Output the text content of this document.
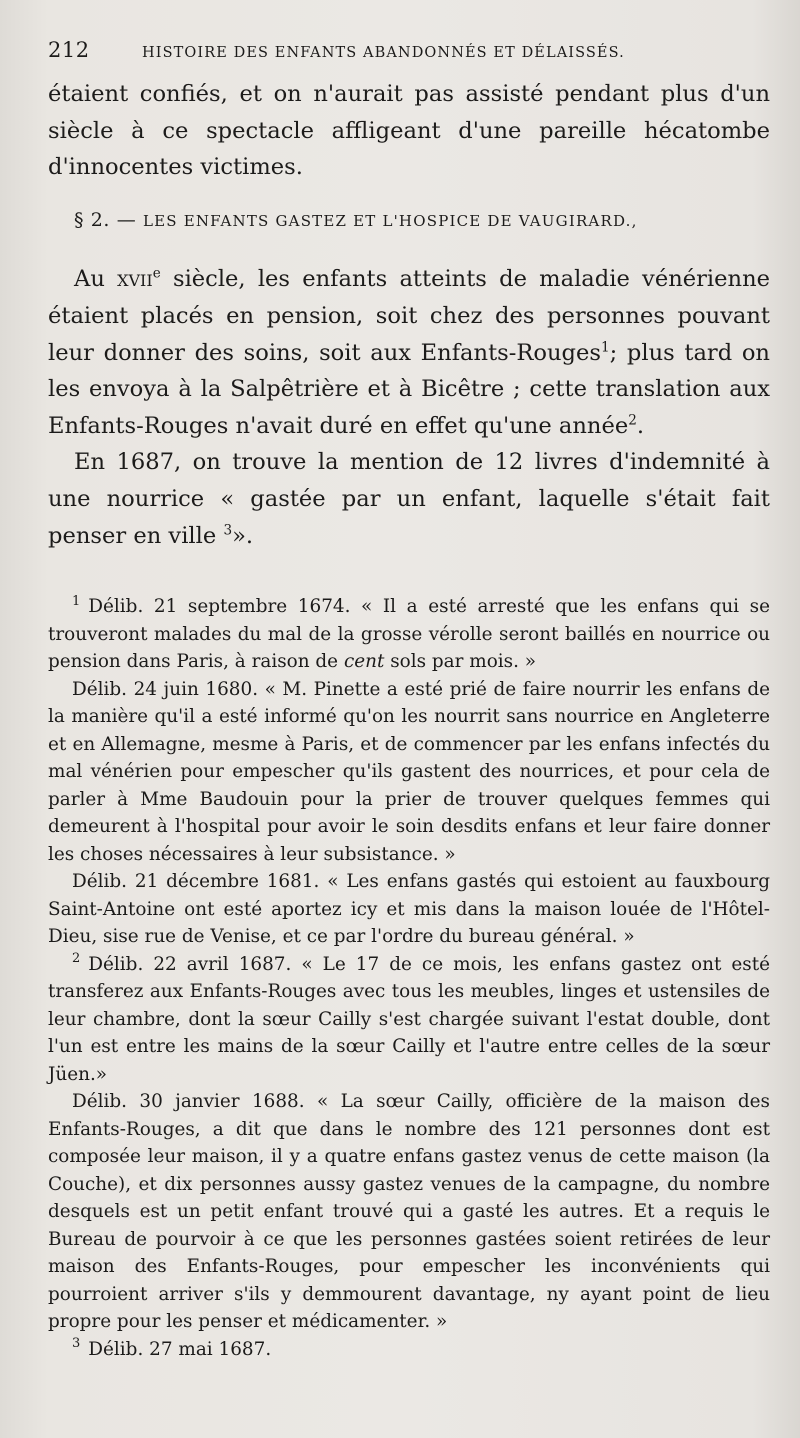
212	HISTOIRE DES ENFANTS ABANDONNÉS ET DÉLAISSÉS.

étaient confiés, et on n'aurait pas assisté pendant plus d'un siècle à ce spectacle affligeant d'une pareille hécatombe d'innocentes victimes.

§ 2. — LES ENFANTS GASTEZ ET L'HOSPICE DE VAUGIRARD.,

Au xvii$^e$ siècle, les enfants atteints de maladie vénérienne étaient placés en pension, soit chez des personnes pouvant leur donner des soins, soit aux Enfants-Rouges$^1$; plus tard on les envoya à la Salpêtrière et à Bicêtre ; cette translation aux Enfants-Rouges n'avait duré en effet qu'une année$^2$.

En 1687, on trouve la mention de 12 livres d'indemnité à une nourrice « gastée par un enfant, laquelle s'était fait penser en ville $^3$».

$^1$ Délib. 21 septembre 1674. « Il a esté arresté que les enfans qui se trouveront malades du mal de la grosse vérolle seront baillés en nourrice ou pension dans Paris, à raison de cent sols par mois. »

Délib. 24 juin 1680. « M. Pinette a esté prié de faire nourrir les enfans de la manière qu'il a esté informé qu'on les nourrit sans nourrice en Angleterre et en Allemagne, mesme à Paris, et de commencer par les enfans infectés du mal vénérien pour empescher qu'ils gastent des nourrices, et pour cela de parler à Mme Baudouin pour la prier de trouver quelques femmes qui demeurent à l'hospital pour avoir le soin desdits enfans et leur faire donner les choses nécessaires à leur subsistance. »

Délib. 21 décembre 1681. « Les enfans gastés qui estoient au fauxbourg Saint-Antoine ont esté aportez icy et mis dans la maison louée de l'Hôtel-Dieu, sise rue de Venise, et ce par l'ordre du bureau général. »

$^2$ Délib. 22 avril 1687. « Le 17 de ce mois, les enfans gastez ont esté transferez aux Enfants-Rouges avec tous les meubles, linges et ustensiles de leur chambre, dont la sœur Cailly s'est chargée suivant l'estat double, dont l'un est entre les mains de la sœur Cailly et l'autre entre celles de la sœur Jüen.»

Délib. 30 janvier 1688. « La sœur Cailly, officière de la maison des Enfants-Rouges, a dit que dans le nombre des 121 personnes dont est composée leur maison, il y a quatre enfans gastez venus de cette maison (la Couche), et dix personnes aussy gastez venues de la campagne, du nombre desquels est un petit enfant trouvé qui a gasté les autres. Et a requis le Bureau de pourvoir à ce que les personnes gastées soient retirées de leur maison des Enfants-Rouges, pour empescher les inconvénients qui pourroient arriver s'ils y demmourent davantage, ny ayant point de lieu propre pour les penser et médicamenter. »

$^3$ Délib. 27 mai 1687.
